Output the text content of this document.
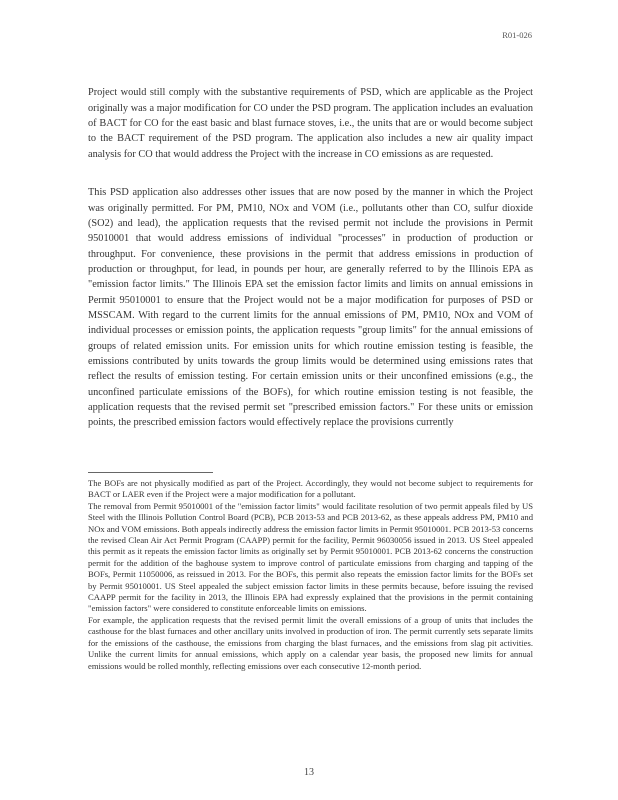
R01-026

Project would still comply with the substantive requirements of PSD, which are applicable as the Project originally was a major modification for CO under the PSD program. The application includes an evaluation of BACT for CO for the east basic and blast furnace stoves, i.e., the units that are or would become subject to the BACT requirement of the PSD program. The application also includes a new air quality impact analysis for CO that would address the Project with the increase in CO emissions as are requested.

This PSD application also addresses other issues that are now posed by the manner in which the Project was originally permitted. For PM, PM10, NOx and VOM (i.e., pollutants other than CO, sulfur dioxide (SO2) and lead), the application requests that the revised permit not include the provisions in Permit 95010001 that would address emissions of individual "processes" in production of production or throughput. For convenience, these provisions in the permit that address emissions in production of production or throughput, for lead, in pounds per hour, are generally referred to by the Illinois EPA as "emission factor limits." The Illinois EPA set the emission factor limits and limits on annual emissions in Permit 95010001 to ensure that the Project would not be a major modification for purposes of PSD or MSSCAM. With regard to the current limits for the annual emissions of PM, PM10, NOx and VOM of individual processes or emission points, the application requests "group limits" for the annual emissions of groups of related emission units. For emission units for which routine emission testing is feasible, the emissions contributed by units towards the group limits would be determined using emissions rates that reflect the results of emission testing. For certain emission units or their unconfined emissions (e.g., the unconfined particulate emissions of the BOFs), for which routine emission testing is not feasible, the application requests that the revised permit set "prescribed emission factors." For these units or emission points, the prescribed emission factors would effectively replace the provisions currently

The BOFs are not physically modified as part of the Project. Accordingly, they would not become subject to requirements for BACT or LAER even if the Project were a major modification for a pollutant.

The removal from Permit 95010001 of the "emission factor limits" would facilitate resolution of two permit appeals filed by US Steel with the Illinois Pollution Control Board (PCB), PCB 2013-53 and PCB 2013-62, as these appeals address PM, PM10 and NOx and VOM emissions. Both appeals indirectly address the emission factor limits in Permit 95010001. PCB 2013-53 concerns the revised Clean Air Act Permit Program (CAAPP) permit for the facility, Permit 96030056 issued in 2013. US Steel appealed this permit as it repeats the emission factor limits as originally set by Permit 95010001. PCB 2013-62 concerns the construction permit for the addition of the baghouse system to improve control of particulate emissions from charging and tapping of the BOFs, Permit 11050006, as reissued in 2013. For the BOFs, this permit also repeats the emission factor limits for the BOFs set by Permit 95010001. US Steel appealed the subject emission factor limits in these permits because, before issuing the revised CAAPP permit for the facility in 2013, the Illinois EPA had expressly explained that the provisions in the permit containing "emission factors" were considered to constitute enforceable limits on emissions.

For example, the application requests that the revised permit limit the overall emissions of a group of units that includes the casthouse for the blast furnaces and other ancillary units involved in production of iron. The permit currently sets separate limits for the emissions of the casthouse, the emissions from charging the blast furnaces, and the emissions from slag pit activities. Unlike the current limits for annual emissions, which apply on a calendar year basis, the proposed new limits for annual emissions would be rolled monthly, reflecting emissions over each consecutive 12-month period.

13
